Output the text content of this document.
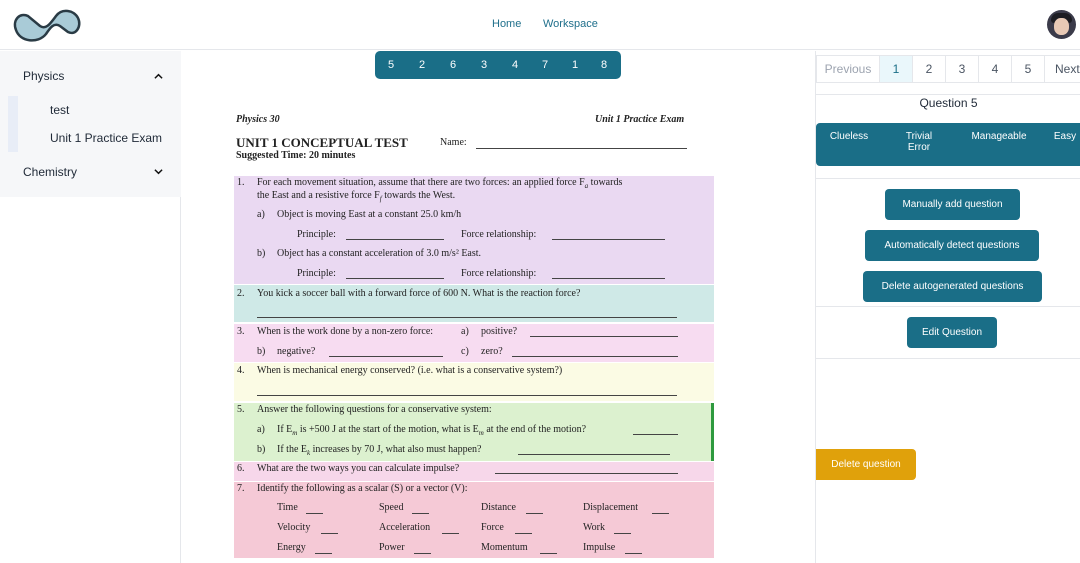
Home Workspace
Physics
test
Unit 1 Practice Exam
Chemistry
Physics 30	Unit 1 Practice Exam
UNIT 1 CONCEPTUAL TEST	Name:
Suggested Time: 20 minutes
1. For each movement situation, assume that there are two forces: an applied force $F_a$ towards
the East and a resistive force $F_f$ towards the West.
a) Object is moving East at a constant 25.0 km/h
Principle:	Force relationship:
b) Object has a constant acceleration of 3.0 m/s² East.
Principle:	Force relationship:
2. You kick a soccer ball with a forward force of 600 N. What is the reaction force?
3. When is the work done by a non-zero force:	a) positive?
b) negative?	c) zero?
4. When is mechanical energy conserved? (i.e. what is a conservative system?)
5. Answer the following questions for a conservative system:
a) If $E_m$ is +500 J at the start of the motion, what is $E_m$ at the end of the motion?
b) If the $E_k$ increases by 70 J, what also must happen?
6. What are the two ways you can calculate impulse?
7. Identify the following as a scalar (S) or a vector (V):
Time	Speed	Distance	Displacement
Velocity	Acceleration	Force	Work
Energy	Power	Momentum	Impulse
5 2 6 3 4 7 1 8	Previous	1	2	3	4	5	Next
Question 5
Clueless	Trivial Error
Manageable	Easy
Manually add question
Automatically detect questions
Delete autogenerated questions
Edit Question
Delete question
